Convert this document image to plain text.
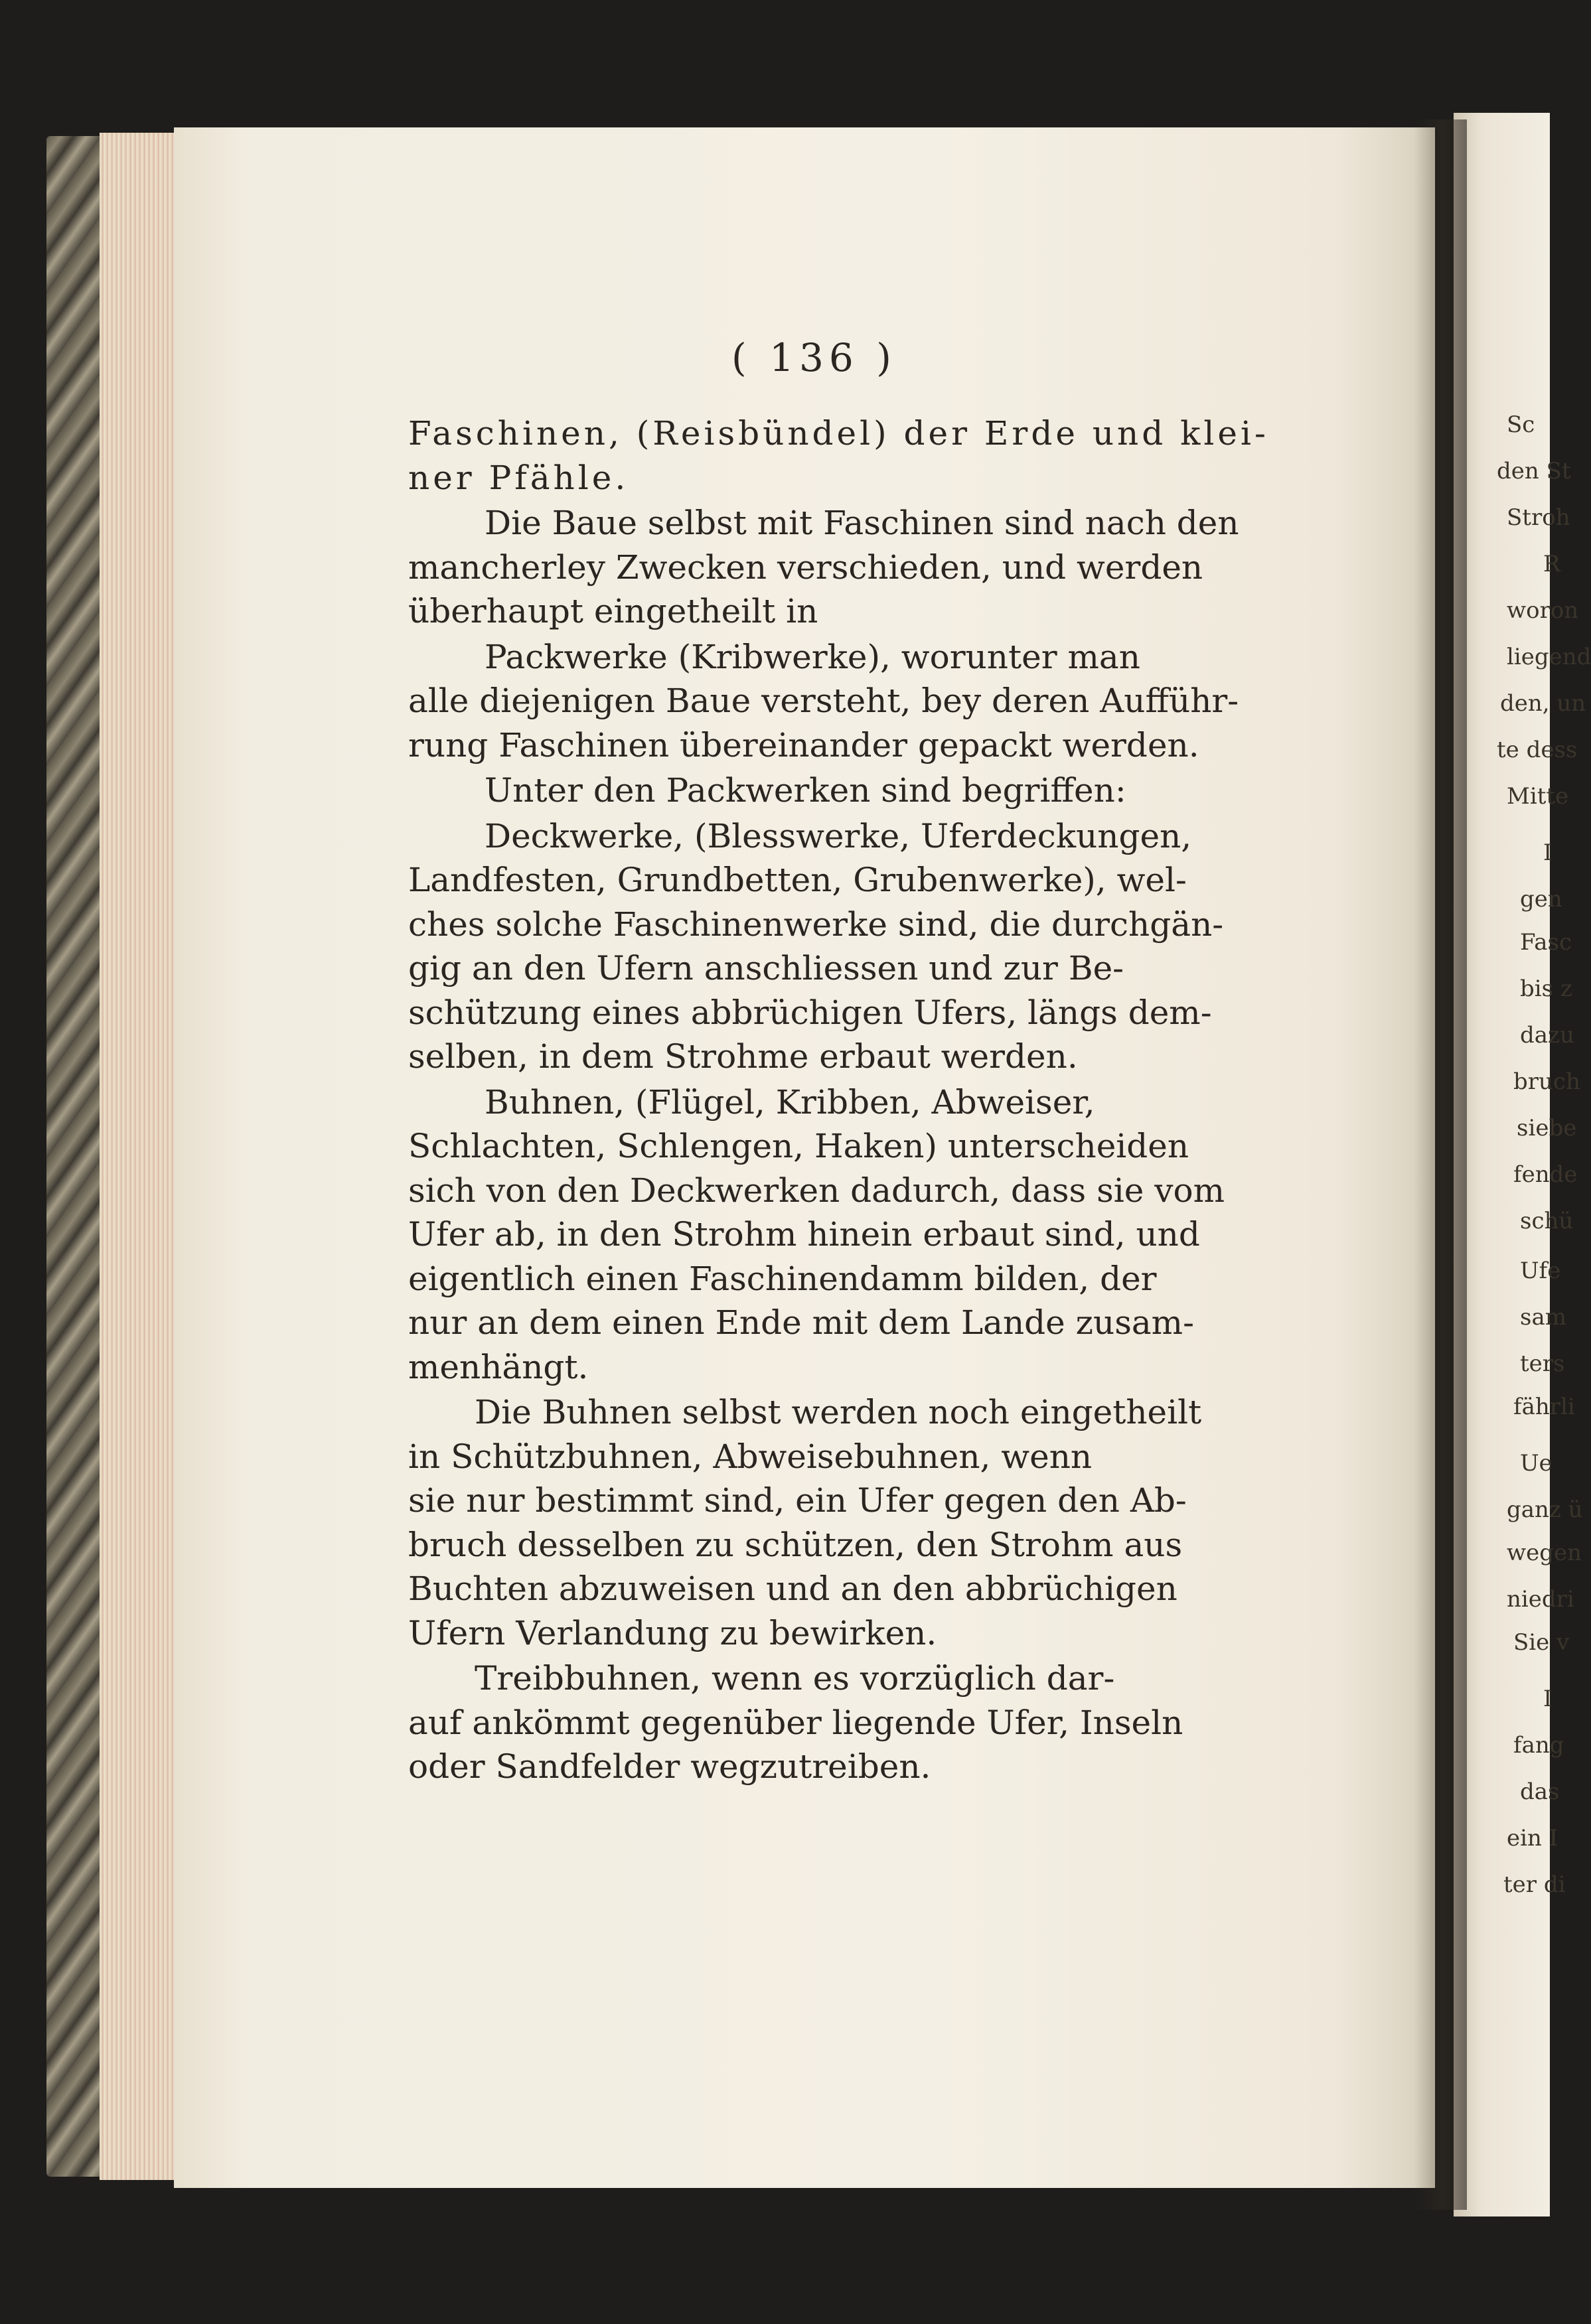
( 136 )
Faschinen, (Reisbündel) der Erde und klei-
ner Pfähle.
Die Baue selbst mit Faschinen sind nach den
mancherley Zwecken verschieden, und werden
überhaupt eingetheilt in
Packwerke (Kribwerke), worunter man
alle diejenigen Baue versteht, bey deren Aufführ-
rung Faschinen übereinander gepackt werden.
Unter den Packwerken sind begriffen:
Deckwerke, (Blesswerke, Uferdeckungen,
Landfesten, Grundbetten, Grubenwerke), wel-
ches solche Faschinenwerke sind, die durchgän-
gig an den Ufern anschliessen und zur Be-
schützung eines abbrüchigen Ufers, längs dem-
selben, in dem Strohme erbaut werden.
Buhnen, (Flügel, Kribben, Abweiser,
Schlachten, Schlengen, Haken) unterscheiden
sich von den Deckwerken dadurch, dass sie vom
Ufer ab, in den Strohm hinein erbaut sind, und
eigentlich einen Faschinendamm bilden, der
nur an dem einen Ende mit dem Lande zusam-
menhängt.
Die Buhnen selbst werden noch eingetheilt
in Schützbuhnen, Abweisebuhnen, wenn
sie nur bestimmt sind, ein Ufer gegen den Ab-
bruch desselben zu schützen, den Strohm aus
Buchten abzuweisen und an den abbrüchigen
Ufern Verlandung zu bewirken.
Treibbuhnen, wenn es vorzüglich dar-
auf ankömmt gegenüber liegende Ufer, Inseln
oder Sandfelder wegzutreiben.
Sc
den St
Stroh
R
woron
liegend
den, un
te dess
Mitte
I
gen
Fasc
bis z
dazu
bruch
siebe
fende
schü
Ufe
sam
ters
fährli
Ue
ganz ü
wegen
niedri
Sie v
I
fang
das
ein I
ter di
